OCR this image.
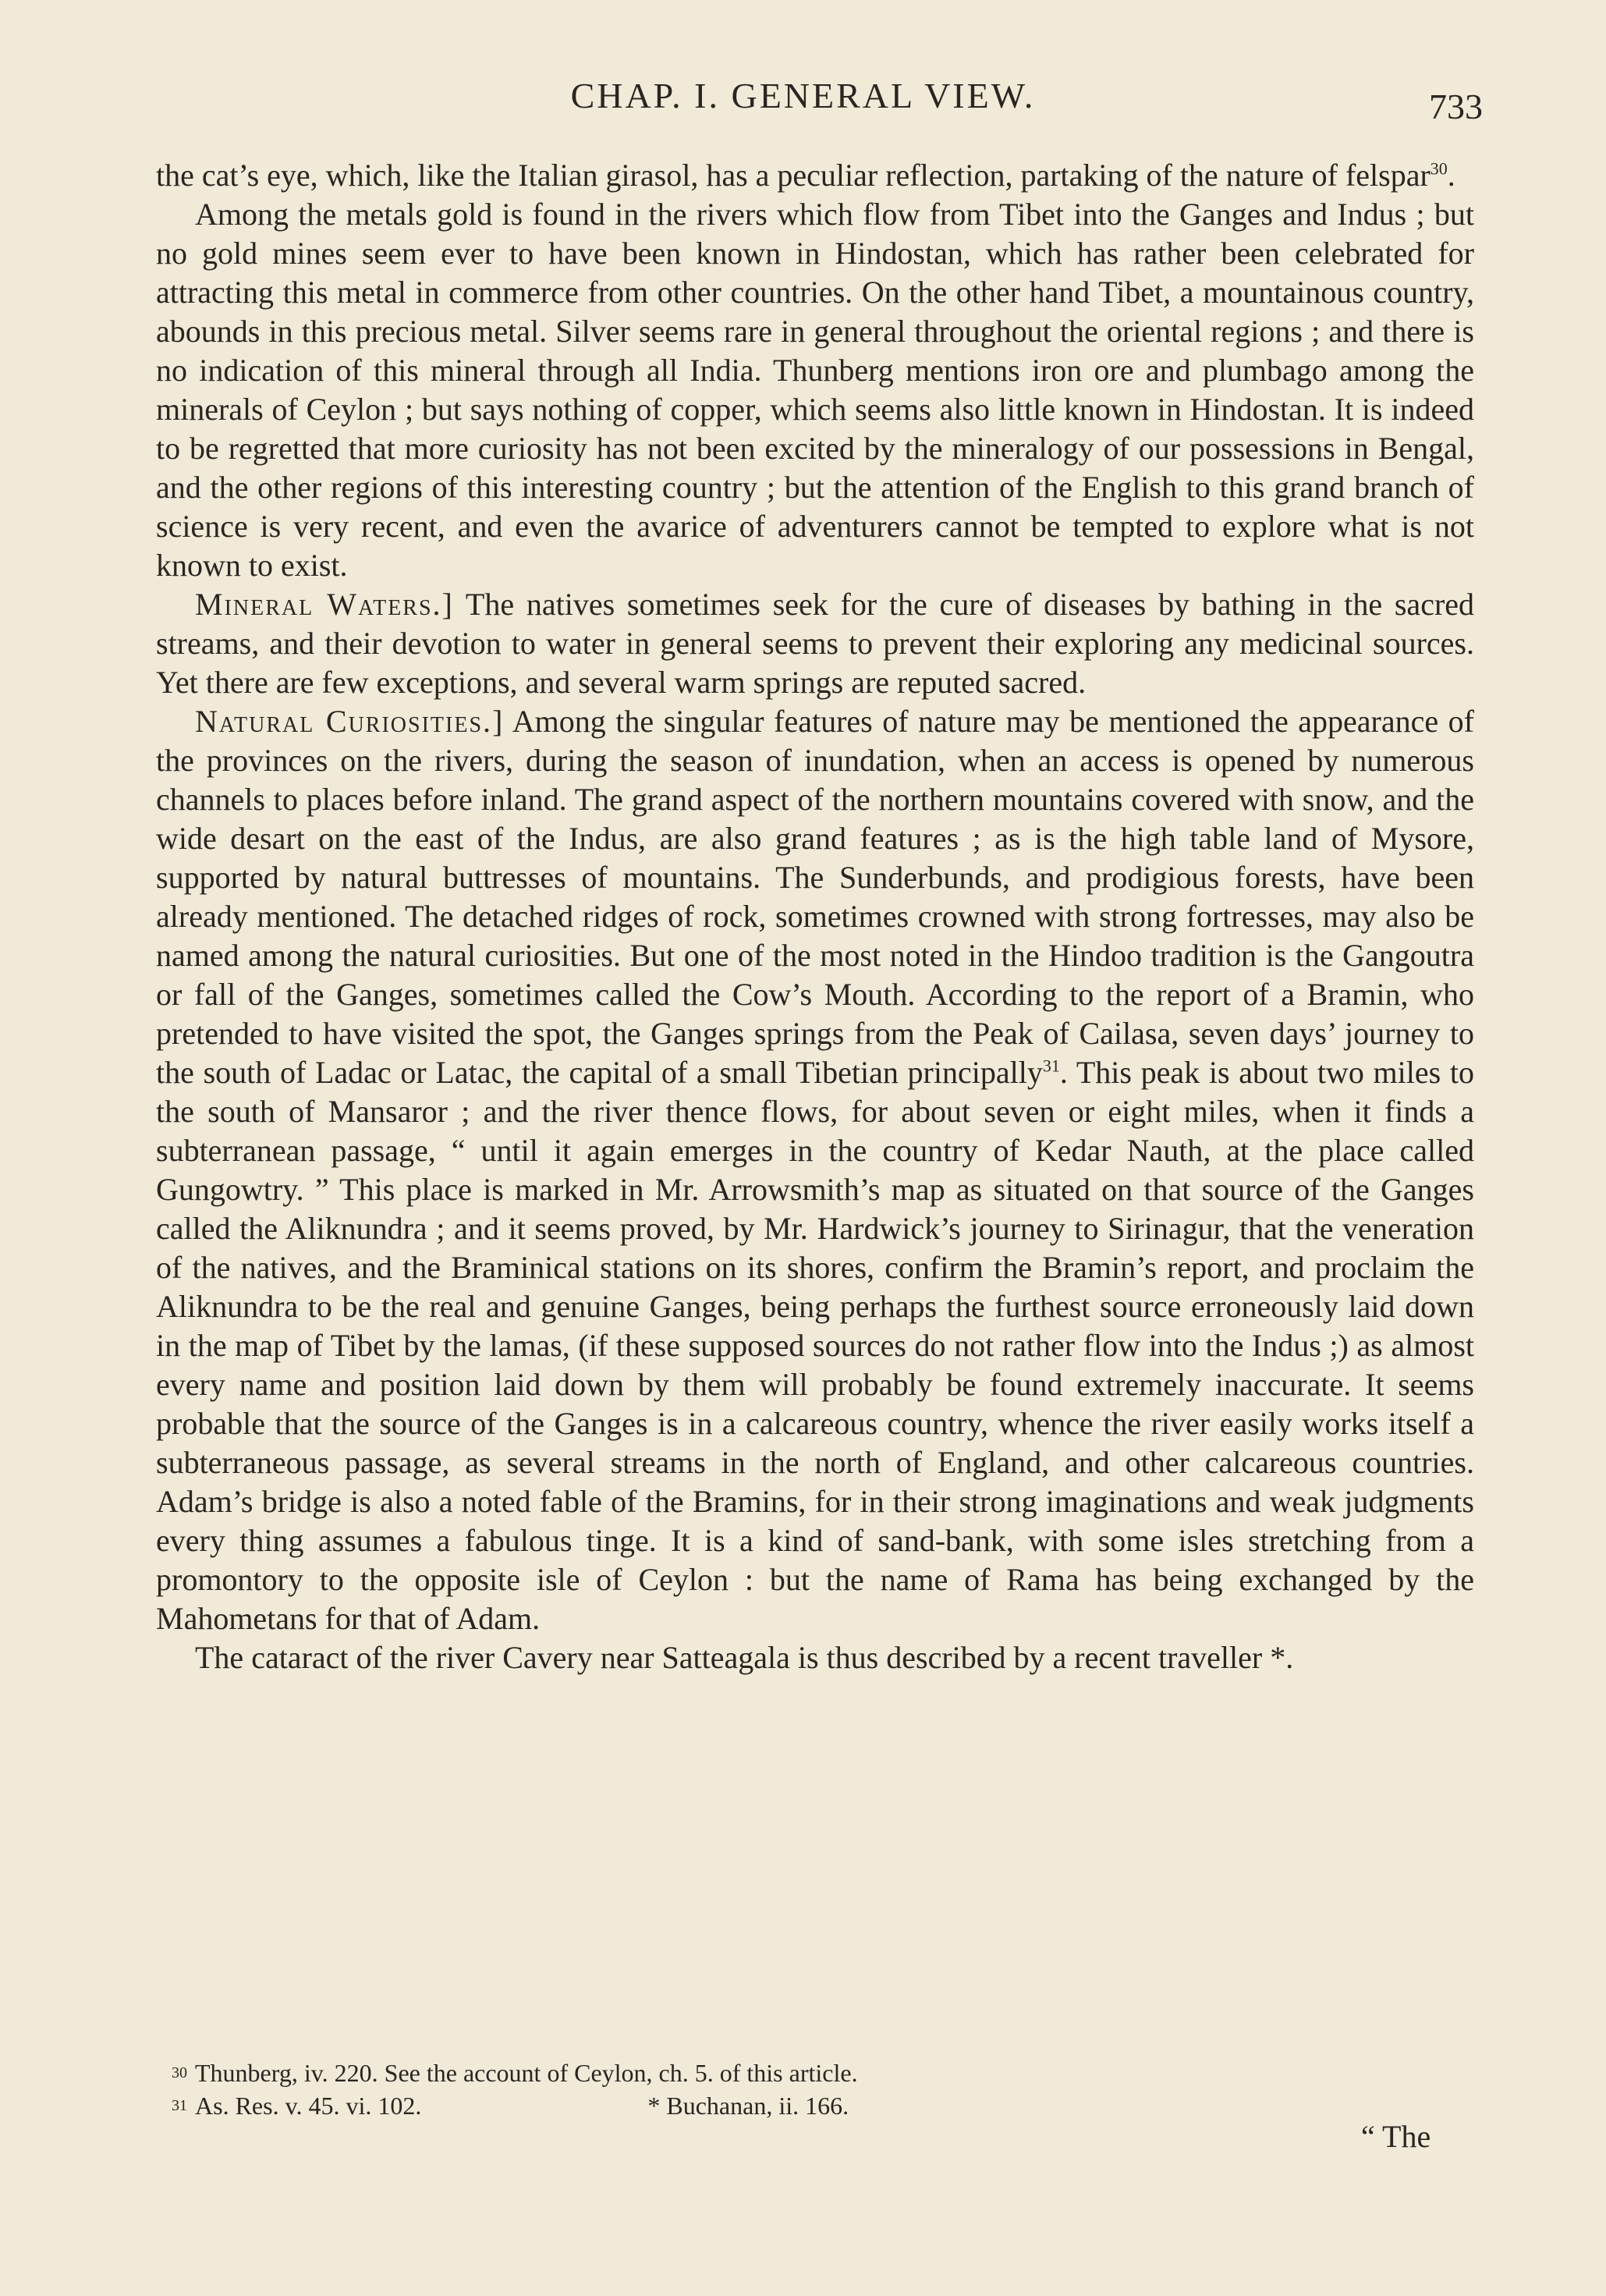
CHAP. I. GENERAL VIEW.	733

the cat’s eye, which, like the Italian girasol, has a peculiar reflection, partaking of the nature of felspar$^{30}$.

Among the metals gold is found in the rivers which flow from Tibet into the Ganges and Indus ; but no gold mines seem ever to have been known in Hindostan, which has rather been celebrated for attracting this metal in commerce from other countries. On the other hand Tibet, a mountainous country, abounds in this precious metal. Silver seems rare in general throughout the oriental regions ; and there is no indication of this mineral through all India. Thunberg mentions iron ore and plumbago among the minerals of Ceylon ; but says nothing of copper, which seems also little known in Hindostan. It is indeed to be regretted that more curiosity has not been excited by the mineralogy of our possessions in Bengal, and the other regions of this interesting country ; but the attention of the English to this grand branch of science is very recent, and even the avarice of adventurers cannot be tempted to explore what is not known to exist.

Mineral Waters.] The natives sometimes seek for the cure of diseases by bathing in the sacred streams, and their devotion to water in general seems to prevent their exploring any medicinal sources. Yet there are few exceptions, and several warm springs are reputed sacred.

Natural Curiosities.] Among the singular features of nature may be mentioned the appearance of the provinces on the rivers, during the season of inundation, when an access is opened by numerous channels to places before inland. The grand aspect of the northern mountains covered with snow, and the wide desart on the east of the Indus, are also grand features ; as is the high table land of Mysore, supported by natural buttresses of mountains. The Sunderbunds, and prodigious forests, have been already mentioned. The detached ridges of rock, sometimes crowned with strong fortresses, may also be named among the natural curiosities. But one of the most noted in the Hindoo tradition is the Gangoutra or fall of the Ganges, sometimes called the Cow’s Mouth. According to the report of a Bramin, who pretended to have visited the spot, the Ganges springs from the Peak of Cailasa, seven days’ journey to the south of Ladac or Latac, the capital of a small Tibetian principally$^{31}$. This peak is about two miles to the south of Mansaror ; and the river thence flows, for about seven or eight miles, when it finds a subterranean passage, “ until it again emerges in the country of Kedar Nauth, at the place called Gungowtry. ” This place is marked in Mr. Arrowsmith’s map as situated on that source of the Ganges called the Aliknundra ; and it seems proved, by Mr. Hardwick’s journey to Sirinagur, that the veneration of the natives, and the Braminical stations on its shores, confirm the Bramin’s report, and proclaim the Aliknundra to be the real and genuine Ganges, being perhaps the furthest source erroneously laid down in the map of Tibet by the lamas, (if these supposed sources do not rather flow into the Indus ;) as almost every name and position laid down by them will probably be found extremely inaccurate. It seems probable that the source of the Ganges is in a calcareous country, whence the river easily works itself a subterraneous passage, as several streams in the north of England, and other calcareous countries. Adam’s bridge is also a noted fable of the Bramins, for in their strong imaginations and weak judgments every thing assumes a fabulous tinge. It is a kind of sand-bank, with some isles stretching from a promontory to the opposite isle of Ceylon : but the name of Rama has being exchanged by the Mahometans for that of Adam.

The cataract of the river Cavery near Satteagala is thus described by a recent traveller *.

30 Thunberg, iv. 220. See the account of Ceylon, ch. 5. of this article.
31 As. Res. v. 45. vi. 102.	* Buchanan, ii. 166.
“ The
